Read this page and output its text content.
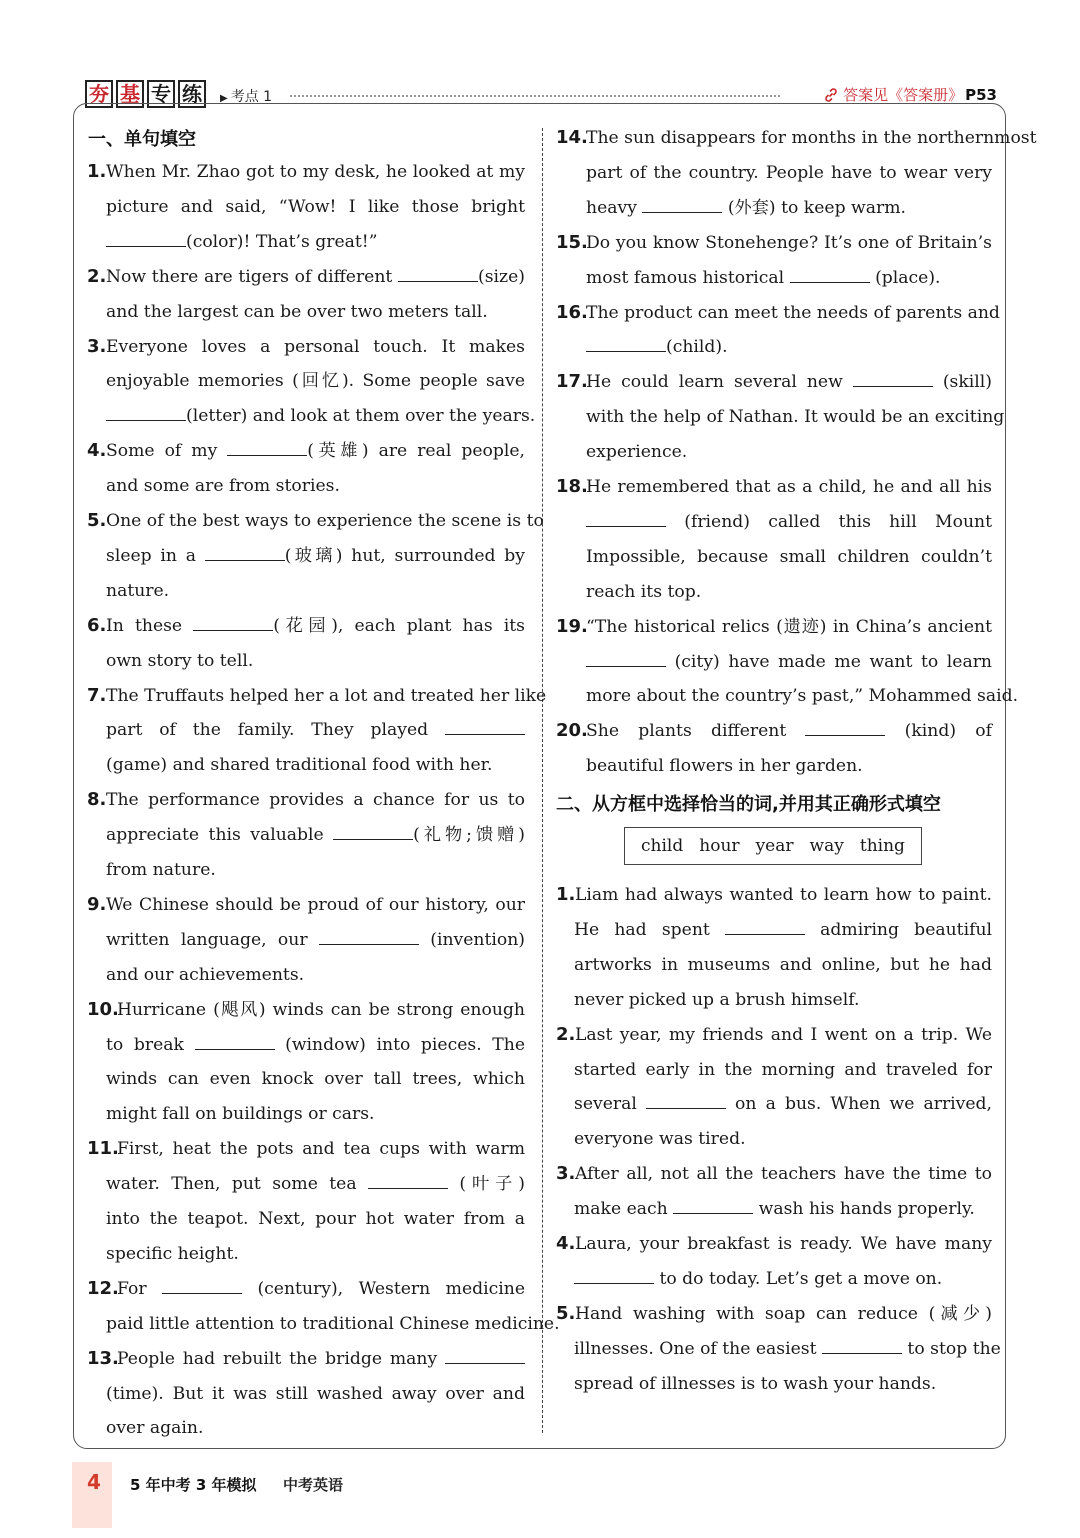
夯 基 专 练	▶ 考点 1	答案见《答案册》 P53
一、单句填空
二、从方框中选择恰当的词,并用其正确形式填空
child hour year way thing
1. When Mr. Zhao got to my desk, he looked at my
picture and said, “Wow! I like those bright
(color)! That’s great!”
2. Now there are tigers of different	(size)
and the largest can be over two meters tall.
3. Everyone loves a personal touch. It makes
enjoyable memories (回忆). Some people save
(letter) and look at them over the years.
4. Some of my	(英雄) are real people,
and some are from stories.
5. One of the best ways to experience the scene is to
sleep in a	(玻璃) hut, surrounded by
nature.
6. In these	(花园), each plant has its
own story to tell.
7. The Truffauts helped her a lot and treated her like
part of the family. They played
(game) and shared traditional food with her.
8. The performance provides a chance for us to
appreciate this valuable	(礼物;馈赠)
from nature.
9. We Chinese should be proud of our history, our
written language, our	(invention)
and our achievements.
10.
Hurricane (飓风) winds can be strong enough
to break	(window) into pieces. The
winds can even knock over tall trees, which
might fall on buildings or cars.
11.
First, heat the pots and tea cups with warm
water. Then, put some tea	(叶子)
into the teapot. Next, pour hot water from a
specific height.
12.
For	(century), Western medicine
paid little attention to traditional Chinese medicine.
13.
People had rebuilt the bridge many
(time). But it was still washed away over and
over again.
14.
The sun disappears for months in the northernmost
part of the country. People have to wear very
heavy	(外套) to keep warm.
15.
Do you know Stonehenge? It’s one of Britain’s
most famous historical	(place).
16.
The product can meet the needs of parents and
(child).
17.
He could learn several new	(skill)
with the help of Nathan. It would be an exciting
experience.
18.
He remembered that as a child, he and all his
(friend) called this hill Mount
Impossible, because small children couldn’t
reach its top.
19.
“The historical relics (遗迹) in China’s ancient
(city) have made me want to learn
more about the country’s past,” Mohammed said.
20.
She plants different	(kind) of
beautiful flowers in her garden.
1. Liam had always wanted to learn how to paint.
He had spent	admiring beautiful
artworks in museums and online, but he had
never picked up a brush himself.
2. Last year, my friends and I went on a trip. We
started early in the morning and traveled for
several	on a bus. When we arrived,
everyone was tired.
3. After all, not all the teachers have the time to
make each	wash his hands properly.
4. Laura, your breakfast is ready. We have many
to do today. Let’s get a move on.
5. Hand washing with soap can reduce (减少)
illnesses. One of the easiest	to stop the
spread of illnesses is to wash your hands.
4 5 年中考 3 年模拟 中考英语
